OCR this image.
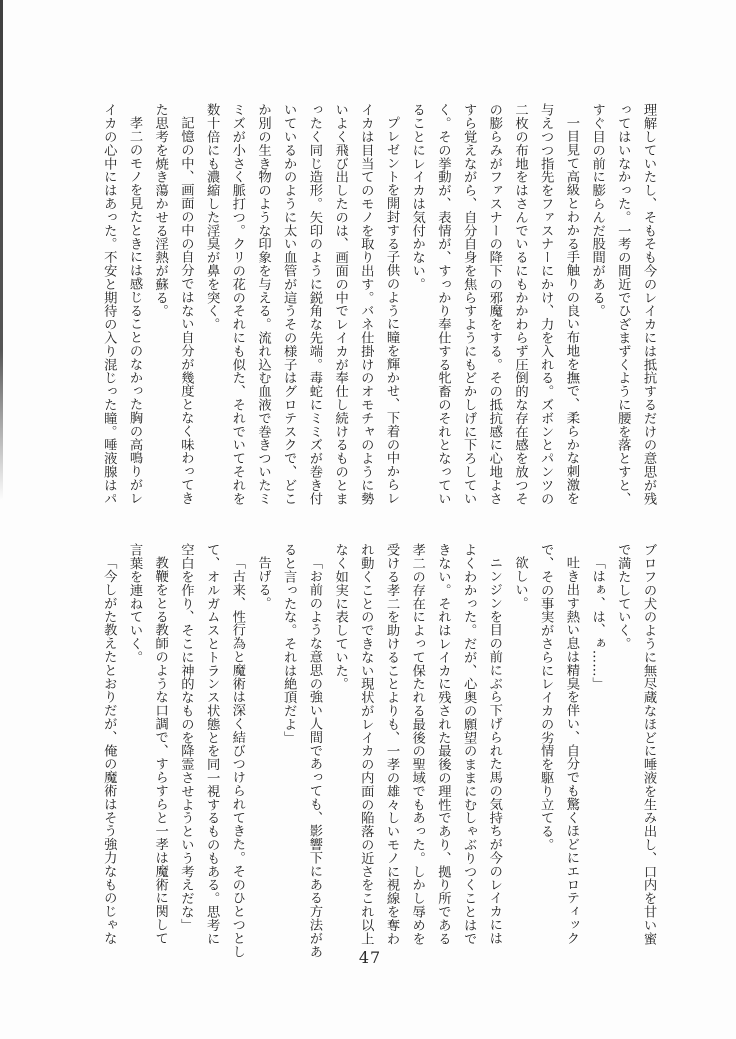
理解していたし、そもそも今のレイカには抵抗するだけの意思が残
ってはいなかった。一考の間近でひざまずくように腰を落とすと、
すぐ目の前に膨らんだ股間がある。
一目見て高級とわかる手触りの良い布地を撫で、柔らかな刺激を
与えつつ指先をファスナーにかけ、力を入れる。ズボンとパンツの
二枚の布地をはさんでいるにもかかわらず圧倒的な存在感を放つそ
の膨らみがファスナーの降下の邪魔をする。その抵抗感に心地よさ
すら覚えながら、自分自身を焦らすようにもどかしげに下ろしてい
く。その挙動が、表情が、すっかり奉仕する牝畜のそれとなってい
ることにレイカは気付かない。
プレゼントを開封する子供のように瞳を輝かせ、下着の中からレ
イカは目当てのモノを取り出す。バネ仕掛けのオモチャのように勢
いよく飛び出したのは、画面の中でレイカが奉仕し続けるものとま
ったく同じ造形。矢印のように鋭角な先端。毒蛇にミミズが巻き付
いているかのように太い血管が這うその様子はグロテスクで、どこ
か別の生き物のような印象を与える。流れ込む血液で巻きついたミ
ミズが小さく脈打つ。クリの花のそれにも似た、それでいてそれを
数十倍にも濃縮した淫臭が鼻を突く。
記憶の中、画面の中の自分ではない自分が幾度となく味わってき
た思考を焼き蕩かせる淫熱が蘇る。
孝二のモノを見たときには感じることのなかった胸の高鳴りがレ
イカの心中にはあった。不安と期待の入り混じった瞳。唾液腺はパ
ブロフの犬のように無尽蔵なほどに唾液を生み出し、口内を甘い蜜
で満たしていく。
「はぁ、は、ぁ……」
吐き出す熱い息は精臭を伴い、自分でも驚くほどにエロティック
で、その事実がさらにレイカの劣情を駆り立てる。
欲しい。
ニンジンを目の前にぶら下げられた馬の気持ちが今のレイカには
よくわかった。だが、心奥の願望のままにむしゃぶりつくことはで
きない。それはレイカに残された最後の理性であり、拠り所である
孝二の存在によって保たれる最後の聖域でもあった。しかし辱めを
受ける孝二を助けることよりも、一孝の雄々しいモノに視線を奪わ
れ動くことのできない現状がレイカの内面の陥落の近さをこれ以上
なく如実に表していた。
「お前のような意思の強い人間であっても、影響下にある方法があ
ると言ったな。それは絶頂だよ」
告げる。
「古来、性行為と魔術は深く結びつけられてきた。そのひとつとし
て、オルガムスとトランス状態とを同一視するものもある。思考に
空白を作り、そこに神的なものを降霊させようという考えだな」
教鞭をとる教師のような口調で、すらすらと一孝は魔術に関して
言葉を連ねていく。
「今しがた教えたとおりだが、俺の魔術はそう強力なものじゃな
47
